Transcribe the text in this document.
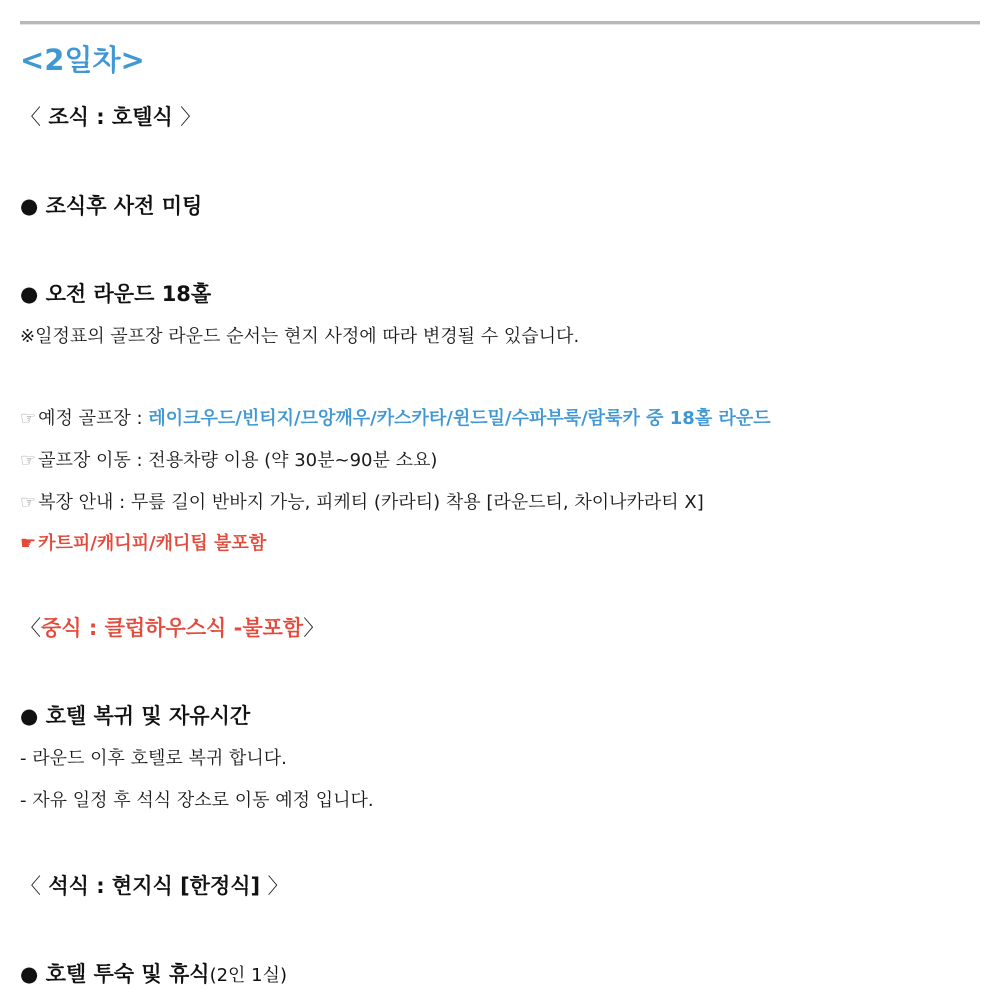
<2일차>
〈 조식 : 호텔식 〉
● 조식후 사전 미팅
● 오전 라운드 18홀
※일정표의 골프장 라운드 순서는 현지 사정에 따라 변경될 수 있습니다.
☞ 예정 골프장 : 레이크우드/빈티지/므앙깨우/카스카타/윈드밀/수파부룩/람룩카 중 18홀 라운드
☞ 골프장 이동 : 전용차량 이용 (약 30분~90분 소요)
☞ 복장 안내 : 무릎 길이 반바지 가능, 피케티 (카라티) 착용 [라운드티, 차이나카라티 X]
☛ 카트피/캐디피/캐디팁 불포함
〈중식 : 클럽하우스식 -불포함〉
● 호텔 복귀 및 자유시간
- 라운드 이후 호텔로 복귀 합니다.
- 자유 일정 후 석식 장소로 이동 예정 입니다.
〈 석식 : 현지식 [한정식] 〉
● 호텔 투숙 및 휴식(2인 1실)
